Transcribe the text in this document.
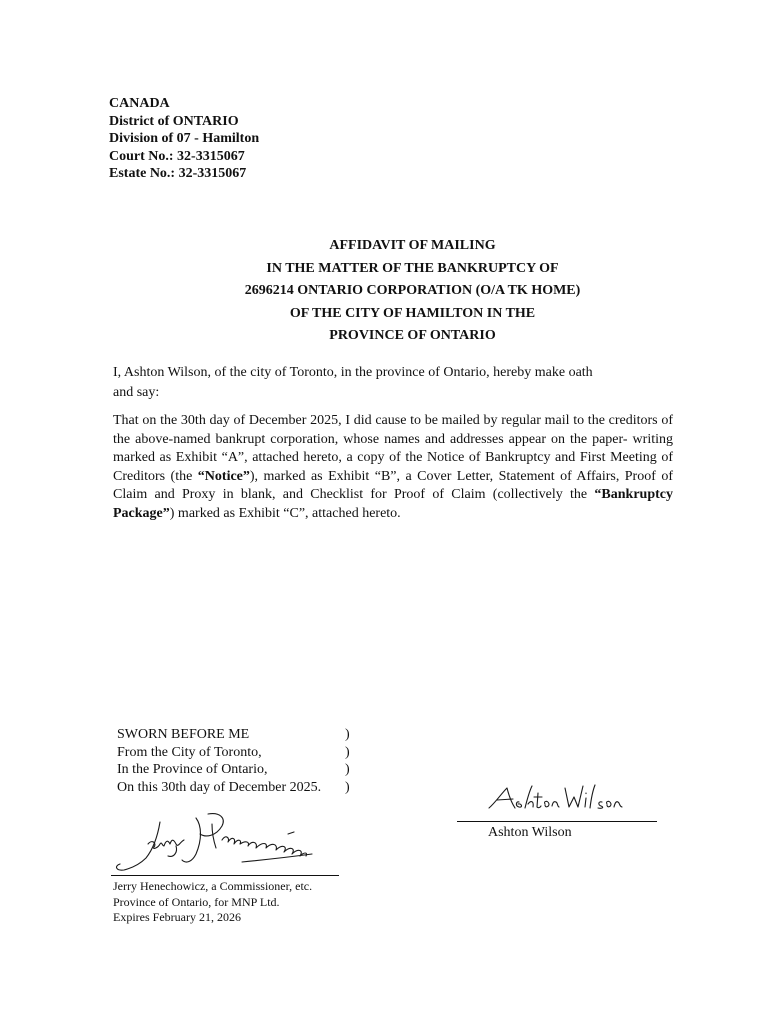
CANADA
District of ONTARIO
Division of 07 - Hamilton
Court No.: 32-3315067
Estate No.: 32-3315067
AFFIDAVIT OF MAILING
IN THE MATTER OF THE BANKRUPTCY OF
2696214 ONTARIO CORPORATION (O/A TK HOME)
OF THE CITY OF HAMILTON IN THE
PROVINCE OF ONTARIO
I, Ashton Wilson, of the city of Toronto, in the province of Ontario, hereby make oath
and say:
That on the 30th day of December 2025, I did cause to be mailed by regular mail to the creditors of the above-named bankrupt corporation, whose names and addresses appear on the paper- writing marked as Exhibit “A”, attached hereto, a copy of the Notice of Bankruptcy and First Meeting of Creditors (the “Notice”), marked as Exhibit “B”, a Cover Letter, Statement of Affairs, Proof of Claim and Proxy in blank, and Checklist for Proof of Claim (collectively the “Bankruptcy Package”) marked as Exhibit “C”, attached hereto.
SWORN BEFORE ME	)
From the City of Toronto,	)
In the Province of Ontario,	)
On this 30th day of December 2025.	)
Ashton Wilson
Jerry Henechowicz, a Commissioner, etc.
Province of Ontario, for MNP Ltd.
Expires February 21, 2026
